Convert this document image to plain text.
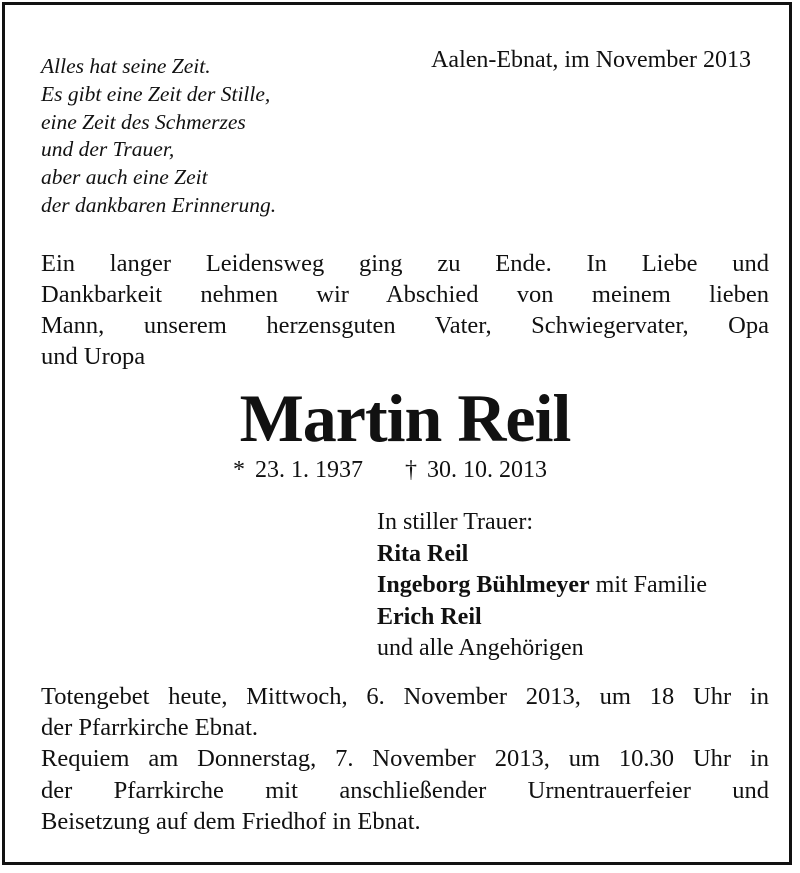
Alles hat seine Zeit.
Es gibt eine Zeit der Stille,
eine Zeit des Schmerzes
und der Trauer,
aber auch eine Zeit
der dankbaren Erinnerung.
Aalen-Ebnat, im November 2013
Ein langer Leidensweg ging zu Ende. In Liebe und
Dankbarkeit nehmen wir Abschied von meinem lieben
Mann, unserem herzensguten Vater, Schwiegervater, Opa
und Uropa
Martin Reil
* 23. 1. 1937 † 30. 10. 2013
In stiller Trauer:
Rita Reil
Ingeborg Bühlmeyer mit Familie
Erich Reil
und alle Angehörigen
Totengebet heute, Mittwoch, 6. November 2013, um 18 Uhr in
der Pfarrkirche Ebnat.
Requiem am Donnerstag, 7. November 2013, um 10.30 Uhr in
der Pfarrkirche mit anschließender Urnentrauerfeier und
Beisetzung auf dem Friedhof in Ebnat.
